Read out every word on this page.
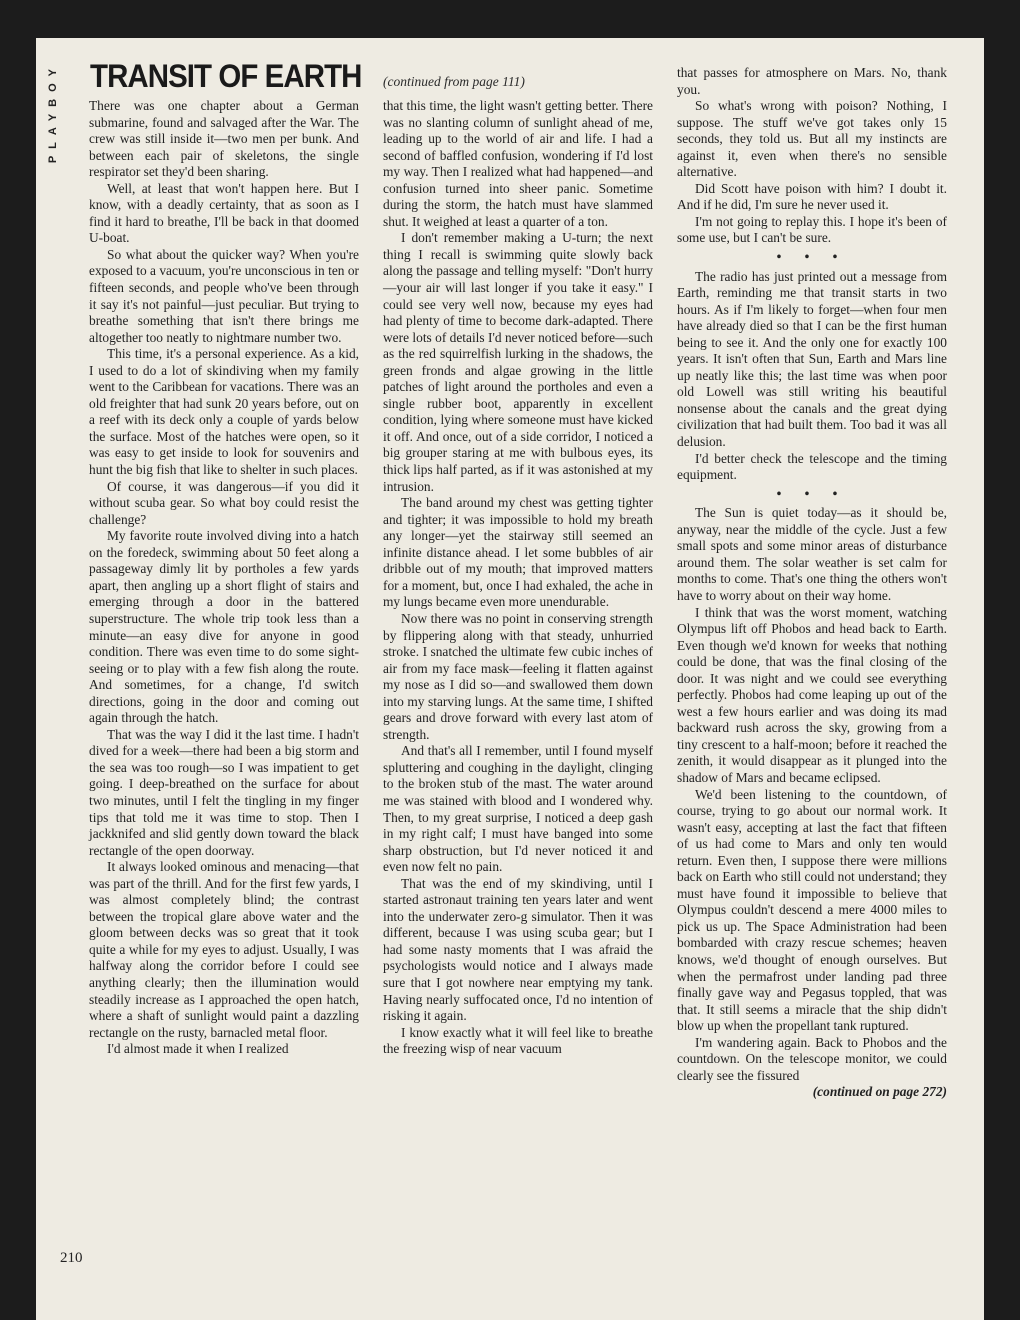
PLAYBOY TRANSIT OF EARTH (continued from page 111)

There was one chapter about a German submarine, found and salvaged after the War. The crew was still inside it—two men per bunk. And between each pair of skeletons, the single respirator set they'd been sharing.

Well, at least that won't happen here. But I know, with a deadly certainty, that as soon as I find it hard to breathe, I'll be back in that doomed U-boat.

So what about the quicker way? When you're exposed to a vacuum, you're unconscious in ten or fifteen seconds, and people who've been through it say it's not painful—just peculiar. But trying to breathe something that isn't there brings me altogether too neatly to nightmare number two.

This time, it's a personal experience. As a kid, I used to do a lot of skindiving when my family went to the Caribbean for vacations. There was an old freighter that had sunk 20 years before, out on a reef with its deck only a couple of yards below the surface. Most of the hatches were open, so it was easy to get inside to look for souvenirs and hunt the big fish that like to shelter in such places.

Of course, it was dangerous—if you did it without scuba gear. So what boy could resist the challenge?

My favorite route involved diving into a hatch on the foredeck, swimming about 50 feet along a passageway dimly lit by portholes a few yards apart, then angling up a short flight of stairs and emerging through a door in the battered superstructure. The whole trip took less than a minute—an easy dive for anyone in good condition. There was even time to do some sight-seeing or to play with a few fish along the route. And sometimes, for a change, I'd switch directions, going in the door and coming out again through the hatch.

That was the way I did it the last time. I hadn't dived for a week—there had been a big storm and the sea was too rough—so I was impatient to get going. I deep-breathed on the surface for about two minutes, until I felt the tingling in my finger tips that told me it was time to stop. Then I jackknifed and slid gently down toward the black rectangle of the open doorway.

It always looked ominous and menacing—that was part of the thrill. And for the first few yards, I was almost completely blind; the contrast between the tropical glare above water and the gloom between decks was so great that it took quite a while for my eyes to adjust. Usually, I was halfway along the corridor before I could see anything clearly; then the illumination would steadily increase as I approached the open hatch, where a shaft of sunlight would paint a dazzling rectangle on the rusty, barnacled metal floor.

I'd almost made it when I realized

that this time, the light wasn't getting better. There was no slanting column of sunlight ahead of me, leading up to the world of air and life. I had a second of baffled confusion, wondering if I'd lost my way. Then I realized what had happened—and confusion turned into sheer panic. Sometime during the storm, the hatch must have slammed shut. It weighed at least a quarter of a ton.

I don't remember making a U-turn; the next thing I recall is swimming quite slowly back along the passage and telling myself: "Don't hurry—your air will last longer if you take it easy." I could see very well now, because my eyes had had plenty of time to become dark-adapted. There were lots of details I'd never noticed before—such as the red squirrelfish lurking in the shadows, the green fronds and algae growing in the little patches of light around the portholes and even a single rubber boot, apparently in excellent condition, lying where someone must have kicked it off. And once, out of a side corridor, I noticed a big grouper staring at me with bulbous eyes, its thick lips half parted, as if it was astonished at my intrusion.

The band around my chest was getting tighter and tighter; it was impossible to hold my breath any longer—yet the stairway still seemed an infinite distance ahead. I let some bubbles of air dribble out of my mouth; that improved matters for a moment, but, once I had exhaled, the ache in my lungs became even more unendurable.

Now there was no point in conserving strength by flippering along with that steady, unhurried stroke. I snatched the ultimate few cubic inches of air from my face mask—feeling it flatten against my nose as I did so—and swallowed them down into my starving lungs. At the same time, I shifted gears and drove forward with every last atom of strength.

And that's all I remember, until I found myself spluttering and coughing in the daylight, clinging to the broken stub of the mast. The water around me was stained with blood and I wondered why. Then, to my great surprise, I noticed a deep gash in my right calf; I must have banged into some sharp obstruction, but I'd never noticed it and even now felt no pain.

That was the end of my skindiving, until I started astronaut training ten years later and went into the underwater zero-g simulator. Then it was different, because I was using scuba gear; but I had some nasty moments that I was afraid the psychologists would notice and I always made sure that I got nowhere near emptying my tank. Having nearly suffocated once, I'd no intention of risking it again.

I know exactly what it will feel like to breathe the freezing wisp of near vacuum

that passes for atmosphere on Mars. No, thank you.

So what's wrong with poison? Nothing, I suppose. The stuff we've got takes only 15 seconds, they told us. But all my instincts are against it, even when there's no sensible alternative.

Did Scott have poison with him? I doubt it. And if he did, I'm sure he never used it.

I'm not going to replay this. I hope it's been of some use, but I can't be sure.

• • •

The radio has just printed out a message from Earth, reminding me that transit starts in two hours. As if I'm likely to forget—when four men have already died so that I can be the first human being to see it. And the only one for exactly 100 years. It isn't often that Sun, Earth and Mars line up neatly like this; the last time was when poor old Lowell was still writing his beautiful nonsense about the canals and the great dying civilization that had built them. Too bad it was all delusion.

I'd better check the telescope and the timing equipment.

• • •

The Sun is quiet today—as it should be, anyway, near the middle of the cycle. Just a few small spots and some minor areas of disturbance around them. The solar weather is set calm for months to come. That's one thing the others won't have to worry about on their way home.

I think that was the worst moment, watching Olympus lift off Phobos and head back to Earth. Even though we'd known for weeks that nothing could be done, that was the final closing of the door. It was night and we could see everything perfectly. Phobos had come leaping up out of the west a few hours earlier and was doing its mad backward rush across the sky, growing from a tiny crescent to a half-moon; before it reached the zenith, it would disappear as it plunged into the shadow of Mars and became eclipsed.

We'd been listening to the countdown, of course, trying to go about our normal work. It wasn't easy, accepting at last the fact that fifteen of us had come to Mars and only ten would return. Even then, I suppose there were millions back on Earth who still could not understand; they must have found it impossible to believe that Olympus couldn't descend a mere 4000 miles to pick us up. The Space Administration had been bombarded with crazy rescue schemes; heaven knows, we'd thought of enough ourselves. But when the permafrost under landing pad three finally gave way and Pegasus toppled, that was that. It still seems a miracle that the ship didn't blow up when the propellant tank ruptured.

I'm wandering again. Back to Phobos and the countdown. On the telescope monitor, we could clearly see the fissured

(continued on page 272)
210
